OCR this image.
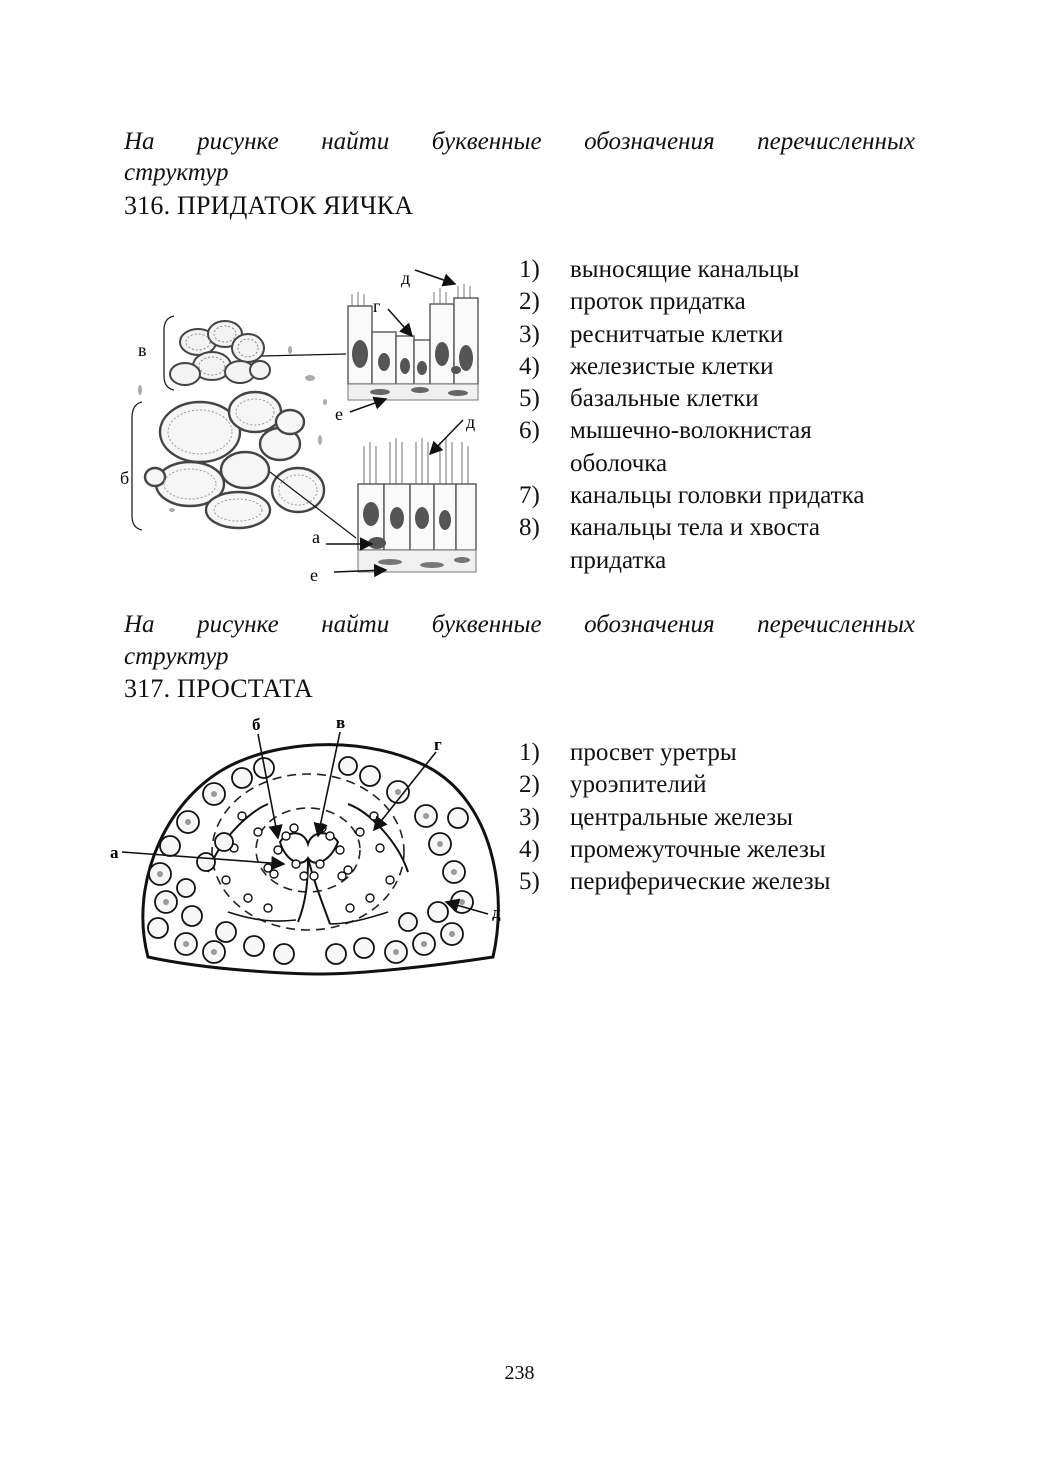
На рисунке найти буквенные обозначения перечисленных
структур
316. ПРИДАТОК ЯИЧКА
д
г
в
е	д
б
а
е
1)	выносящие канальцы
2)	проток придатка
3)	реснитчатые клетки
4)	железистые клетки
5)	базальные клетки
6)	мышечно-волокнистая оболочка
7)	канальцы головки придатка
8)	канальцы тела и хвоста придатка
На рисунке найти буквенные обозначения перечисленных
структур
317. ПРОСТАТА
б	в
г
а
д
1)	просвет уретры
2)	уроэпителий
3)	центральные железы
4)	промежуточные железы
5)	периферические железы
238
